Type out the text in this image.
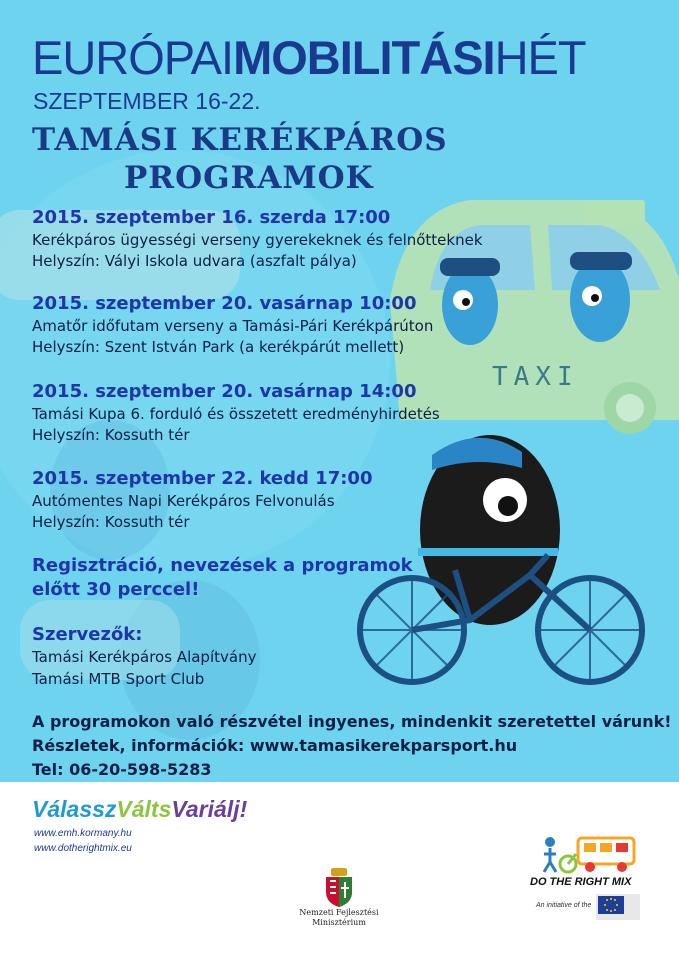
EURÓPAIMOBILITÁSIHÉT
SZEPTEMBER 16-22.
TAMÁSI KERÉKPÁROS
PROGRAMOK
TAXI
2015. szeptember 16. szerda 17:00
Kerékpáros ügyességi verseny gyerekeknek és felnőtteknek
Helyszín: Vályi Iskola udvara (aszfalt pálya)
2015. szeptember 20. vasárnap 10:00
Amatőr időfutam verseny a Tamási-Pári Kerékpárúton
Helyszín: Szent István Park (a kerékpárút mellett)
2015. szeptember 20. vasárnap 14:00
Tamási Kupa 6. forduló és összetett eredményhirdetés
Helyszín: Kossuth tér
2015. szeptember 22. kedd 17:00
Autómentes Napi Kerékpáros Felvonulás
Helyszín: Kossuth tér
Regisztráció, nevezések a programok
előtt 30 perccel!
Szervezők:
Tamási Kerékpáros Alapítvány
Tamási MTB Sport Club
A programokon való részvétel ingyenes, mindenkit szeretettel várunk!
Részletek, információk: www.tamasikerekparsport.hu
Tel: 06-20-598-5283
VálasszVáltsVariálj!
www.emh.kormany.hu
www.dotherightmix.eu
Nemzeti Fejlesztési
Minisztérium
DO THE RIGHT MIX
An initiative of the
